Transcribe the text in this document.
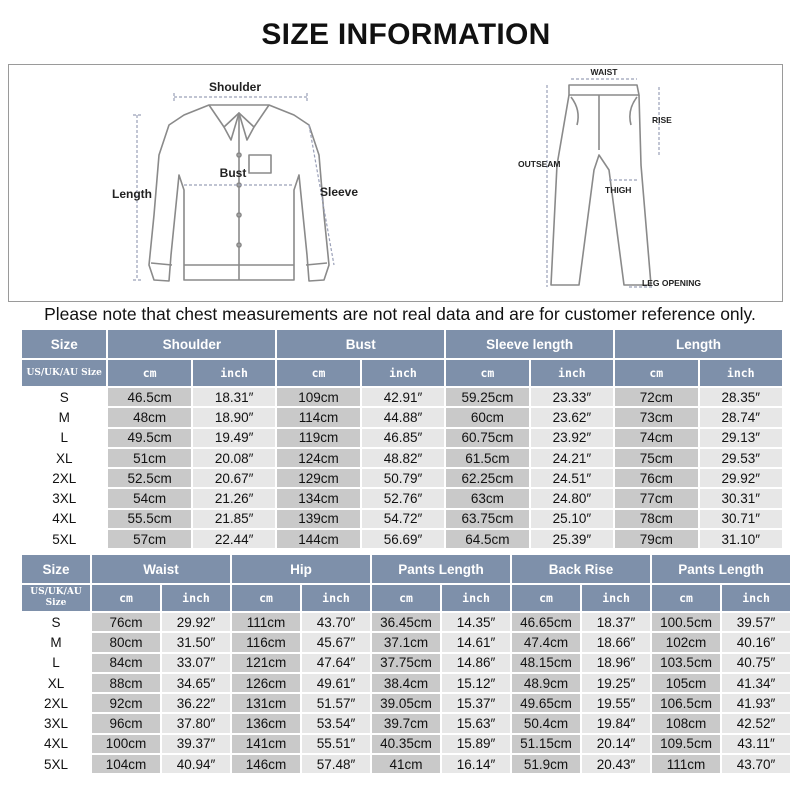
SIZE INFORMATION
Shoulder
Bust
Length	Sleeve
WAIST
RISE
OUTSEAM
THIGH
LEG OPENING
Please note that chest measurements are not real data and are for customer reference only.
Size	Shoulder		Bust		Sleeve length		Length	
US/UK/AU Size	cm	inch	cm	inch	cm	inch	cm	inch
S	46.5cm	18.31″	109cm	42.91″	59.25cm	23.33″	72cm	28.35″
M	48cm	18.90″	114cm	44.88″	60cm	23.62″	73cm	28.74″
L	49.5cm	19.49″	119cm	46.85″	60.75cm	23.92″	74cm	29.13″
XL	51cm	20.08″	124cm	48.82″	61.5cm	24.21″	75cm	29.53″
2XL	52.5cm	20.67″	129cm	50.79″	62.25cm	24.51″	76cm	29.92″
3XL	54cm	21.26″	134cm	52.76″	63cm	24.80″	77cm	30.31″
4XL	55.5cm	21.85″	139cm	54.72″	63.75cm	25.10″	78cm	30.71″
5XL	57cm	22.44″	144cm	56.69″	64.5cm	25.39″	79cm	31.10″
Size	Waist		Hip		Pants Length		Back Rise		Pants Length	
US/UK/AU Size	cm	inch	cm	inch	cm	inch	cm	inch	cm	inch
S	76cm	29.92″	111cm	43.70″	36.45cm	14.35″	46.65cm	18.37″	100.5cm	39.57″
M	80cm	31.50″	116cm	45.67″	37.1cm	14.61″	47.4cm	18.66″	102cm	40.16″
L	84cm	33.07″	121cm	47.64″	37.75cm	14.86″	48.15cm	18.96″	103.5cm	40.75″
XL	88cm	34.65″	126cm	49.61″	38.4cm	15.12″	48.9cm	19.25″	105cm	41.34″
2XL	92cm	36.22″	131cm	51.57″	39.05cm	15.37″	49.65cm	19.55″	106.5cm	41.93″
3XL	96cm	37.80″	136cm	53.54″	39.7cm	15.63″	50.4cm	19.84″	108cm	42.52″
4XL	100cm	39.37″	141cm	55.51″	40.35cm	15.89″	51.15cm	20.14″	109.5cm	43.11″
5XL	104cm	40.94″	146cm	57.48″	41cm	16.14″	51.9cm	20.43″	111cm	43.70″
